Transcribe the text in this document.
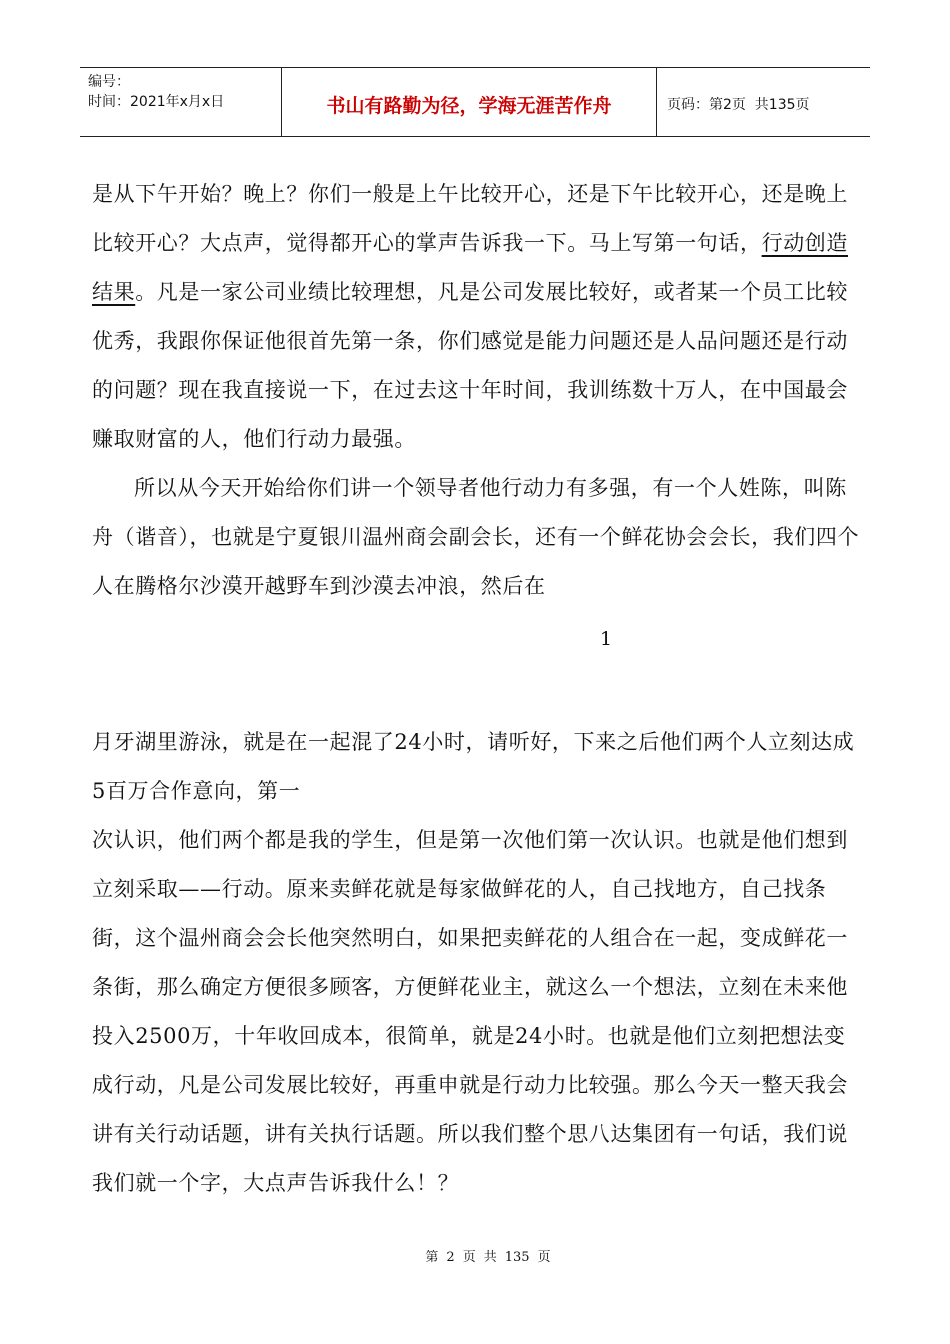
编号：
时间：2021年x月x日	书山有路勤为径，学海无涯苦作舟	页码：第2页  共135页

是从下午开始？晚上？你们一般是上午比较开心，还是下午比较开心，还是晚上比较开心？大点声，觉得都开心的掌声告诉我一下。马上写第一句话，行动创造结果。凡是一家公司业绩比较理想，凡是公司发展比较好，或者某一个员工比较优秀，我跟你保证他很首先第一条，你们感觉是能力问题还是人品问题还是行动的问题？现在我直接说一下，在过去这十年时间，我训练数十万人，在中国最会赚取财富的人，他们行动力最强。

所以从今天开始给你们讲一个领导者他行动力有多强，有一个人姓陈，叫陈舟（谐音），也就是宁夏银川温州商会副会长，还有一个鲜花协会会长，我们四个人在腾格尔沙漠开越野车到沙漠去冲浪，然后在

1

月牙湖里游泳，就是在一起混了24小时，请听好，下来之后他们两个人立刻达成5百万合作意向，第一

次认识，他们两个都是我的学生，但是第一次他们第一次认识。也就是他们想到立刻采取——行动。原来卖鲜花就是每家做鲜花的人，自己找地方，自己找条街，这个温州商会会长他突然明白，如果把卖鲜花的人组合在一起，变成鲜花一条街，那么确定方便很多顾客，方便鲜花业主，就这么一个想法，立刻在未来他投入2500万，十年收回成本，很简单，就是24小时。也就是他们立刻把想法变成行动，凡是公司发展比较好，再重申就是行动力比较强。那么今天一整天我会讲有关行动话题，讲有关执行话题。所以我们整个思八达集团有一句话，我们说我们就一个字，大点声告诉我什么！？

第 2 页 共 135 页
